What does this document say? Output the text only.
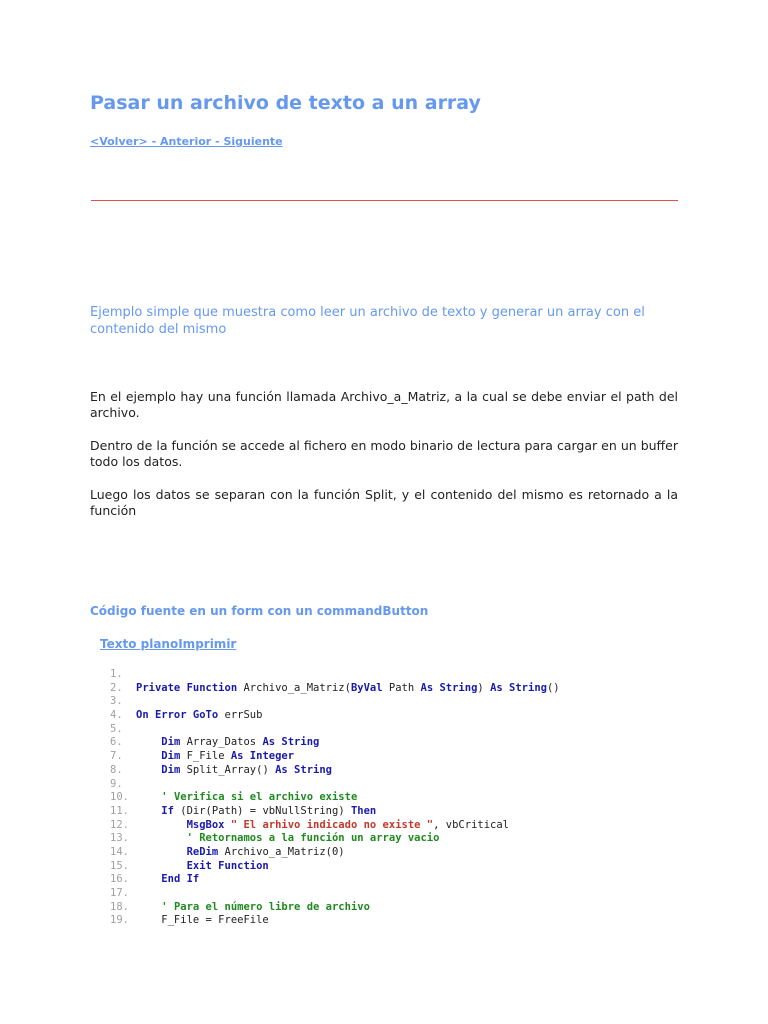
Pasar un archivo de texto a un array
<Volver> - Anterior - Siguiente
Ejemplo simple que muestra como leer un archivo de texto y generar un array con el contenido del mismo
En el ejemplo hay una función llamada Archivo_a_Matriz, a la cual se debe enviar el path del archivo.
Dentro de la función se accede al fichero en modo binario de lectura para cargar en un buffer todo los datos.
Luego los datos se separan con la función Split, y el contenido del mismo es retornado a la función
Código fuente en un form con un commandButton
Texto planoImprimir
1.
2. Private Function Archivo_a_Matriz(ByVal Path As String) As String()
3.
4. On Error GoTo errSub
5.
6.	Dim Array_Datos As String
7.	Dim F_File As Integer
8.	Dim Split_Array() As String
9.
10.	' Verifica si el archivo existe
11.	If (Dir(Path) = vbNullString) Then
12.	MsgBox " El arhivo indicado no existe ", vbCritical
13.	' Retornamos a la función un array vacio
14.	ReDim Archivo_a_Matriz(0)
15.	Exit Function
16.	End If
17.
18.	' Para el número libre de archivo
19.    F_File = FreeFile
